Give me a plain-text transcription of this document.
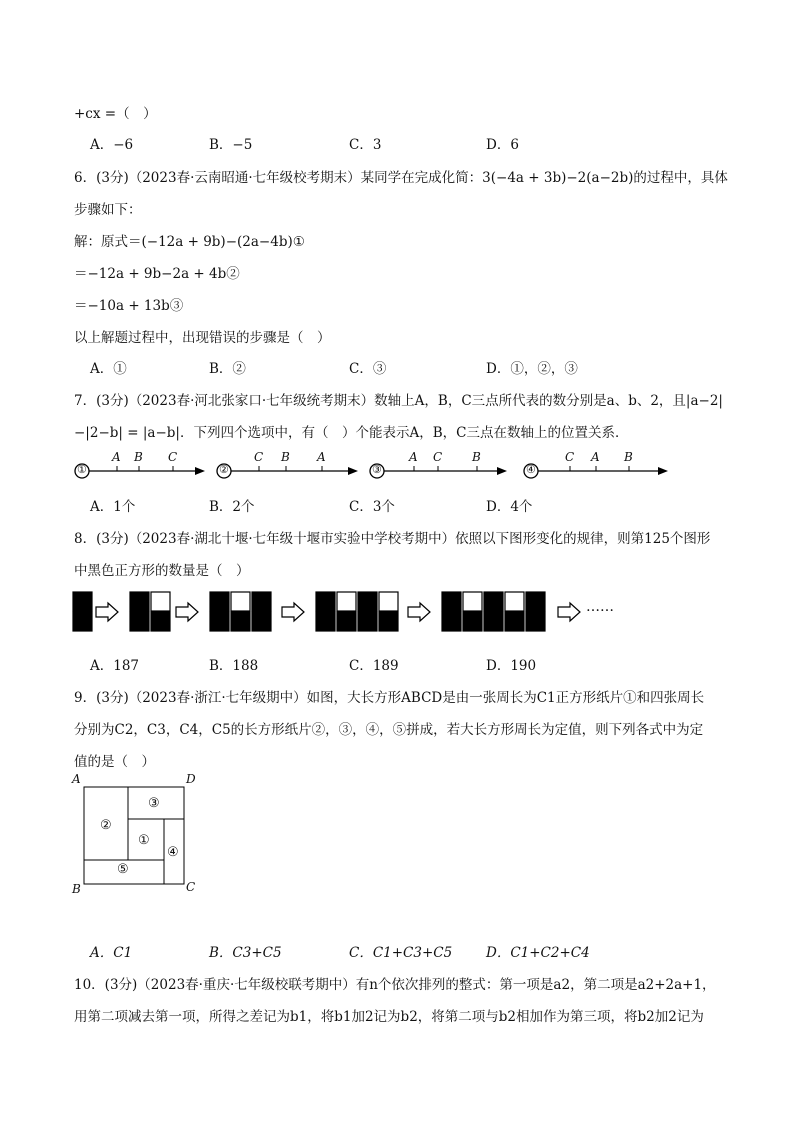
+cx =（　）
A．−6	B．−5	C．3	D．6
6．(3分)（2023春·云南昭通·七年级校考期末）某同学在完成化简：3(−4a + 3b)−2(a−2b)的过程中，具体
步骤如下：
解：原式＝(−12a + 9b)−(2a−4b)①
＝−12a + 9b−2a + 4b②
＝−10a + 13b③
以上解题过程中，出现错误的步骤是（　）
A．①	B．②	C．③	D．①，②，③
7．(3分)（2023春·河北张家口·七年级统考期末）数轴上A，B，C三点所代表的数分别是a、b、2，且|a−2|
−|2−b| = |a−b|．下列四个选项中，有（　）个能表示A，B，C三点在数轴上的位置关系．
①
A B C
②
C B A
③
A C B
④
C A B
A．1个	B．2个	C．3个	D．4个
8．(3分)（2023春·湖北十堰·七年级十堰市实验中学校考期中）依照以下图形变化的规律，则第125个图形
中黑色正方形的数量是（　）
……
A．187	B．188	C．189	D．190
9．(3分)（2023春·浙江·七年级期中）如图，大长方形ABCD是由一张周长为C1正方形纸片①和四张周长
分别为C2，C3，C4，C5的长方形纸片②，③，④，⑤拼成，若大长方形周长为定值，则下列各式中为定
值的是（　）
A	D
B	C
③
②
①
④
⑤
A．C1	B．C3+C5	C．C1+C3+C5	D．C1+C2+C4
10．(3分)（2023春·重庆·七年级校联考期中）有n个依次排列的整式：第一项是a2，第二项是a2+2a+1，
用第二项减去第一项，所得之差记为b1，将b1加2记为b2，将第二项与b2相加作为第三项，将b2加2记为
